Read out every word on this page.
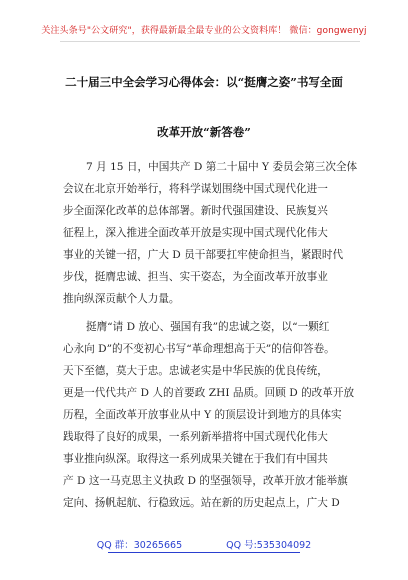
关注头条号"公文研究"，获得最新最全最专业的公文资料库！ 微信：gongwenyj
二十届三中全会学习心得体会：以“挺膺之姿”书写全面
改革开放“新答卷”
7 月 15 日，中国共产 D 第二十届中 Y 委员会第三次全体
会议在北京开始举行，将科学谋划围绕中国式现代化进一
步全面深化改革的总体部署。新时代强国建设、民族复兴
征程上，深入推进全面改革开放是实现中国式现代化伟大
事业的关键一招，广大 D 员干部要扛牢使命担当，紧跟时代
步伐，挺膺忠诚、担当、实干姿态，为全面改革开放事业
推向纵深贡献个人力量。
挺膺“请 D 放心、强国有我”的忠诚之姿，以“一颗红
心永向 D”的不变初心书写“革命理想高于天”的信仰答卷。
天下至德，莫大于忠。忠诚老实是中华民族的优良传统，
更是一代代共产 D 人的首要政 ZHI 品质。回顾 D 的改革开放
历程，全面改革开放事业从中 Y 的顶层设计到地方的具体实
践取得了良好的成果，一系列新举措将中国式现代化伟大
事业推向纵深。取得这一系列成果关键在于我们有中国共
产 D 这一马克思主义执政 D 的坚强领导，改革开放才能举旗
定向、扬帆起航、行稳致远。站在新的历史起点上，广大 D
QQ 群：30265665	QQ 号:535304092
